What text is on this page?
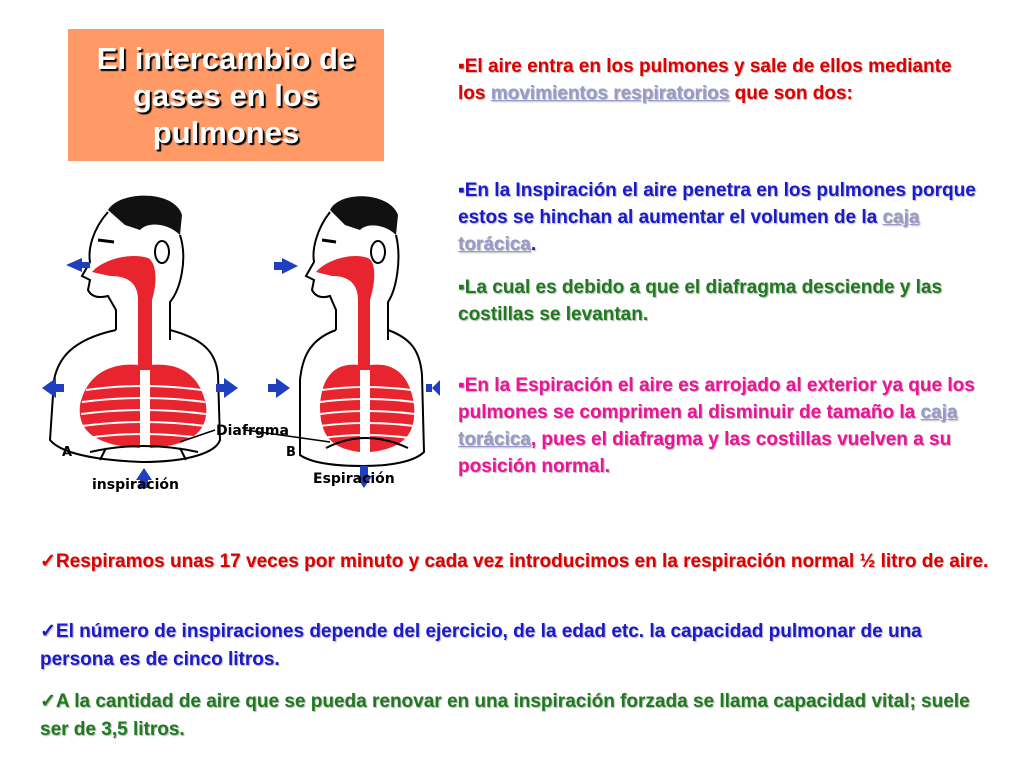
El intercambio de gases en los pulmones
A	B
Diafrgma
inspiración	Espiración

▪El aire entra en los pulmones y sale de ellos mediante los movimientos respiratorios que son dos:

▪En la Inspiración el aire penetra en los pulmones porque estos se hinchan al aumentar el volumen de la caja torácica.

▪La cual es debido a que el diafragma desciende y las costillas se levantan.

▪En la Espiración el aire es arrojado al exterior ya que los pulmones se comprimen al disminuir de tamaño la caja torácica, pues el diafragma y las costillas vuelven a su posición normal.

✓Respiramos unas 17 veces por minuto y cada vez introducimos en la respiración normal ½ litro de aire.

✓El número de inspiraciones depende del ejercicio, de la edad etc. la capacidad pulmonar de una persona es de cinco litros.

✓A la cantidad de aire que se pueda renovar en una inspiración forzada se llama capacidad vital; suele ser de 3,5 litros.
